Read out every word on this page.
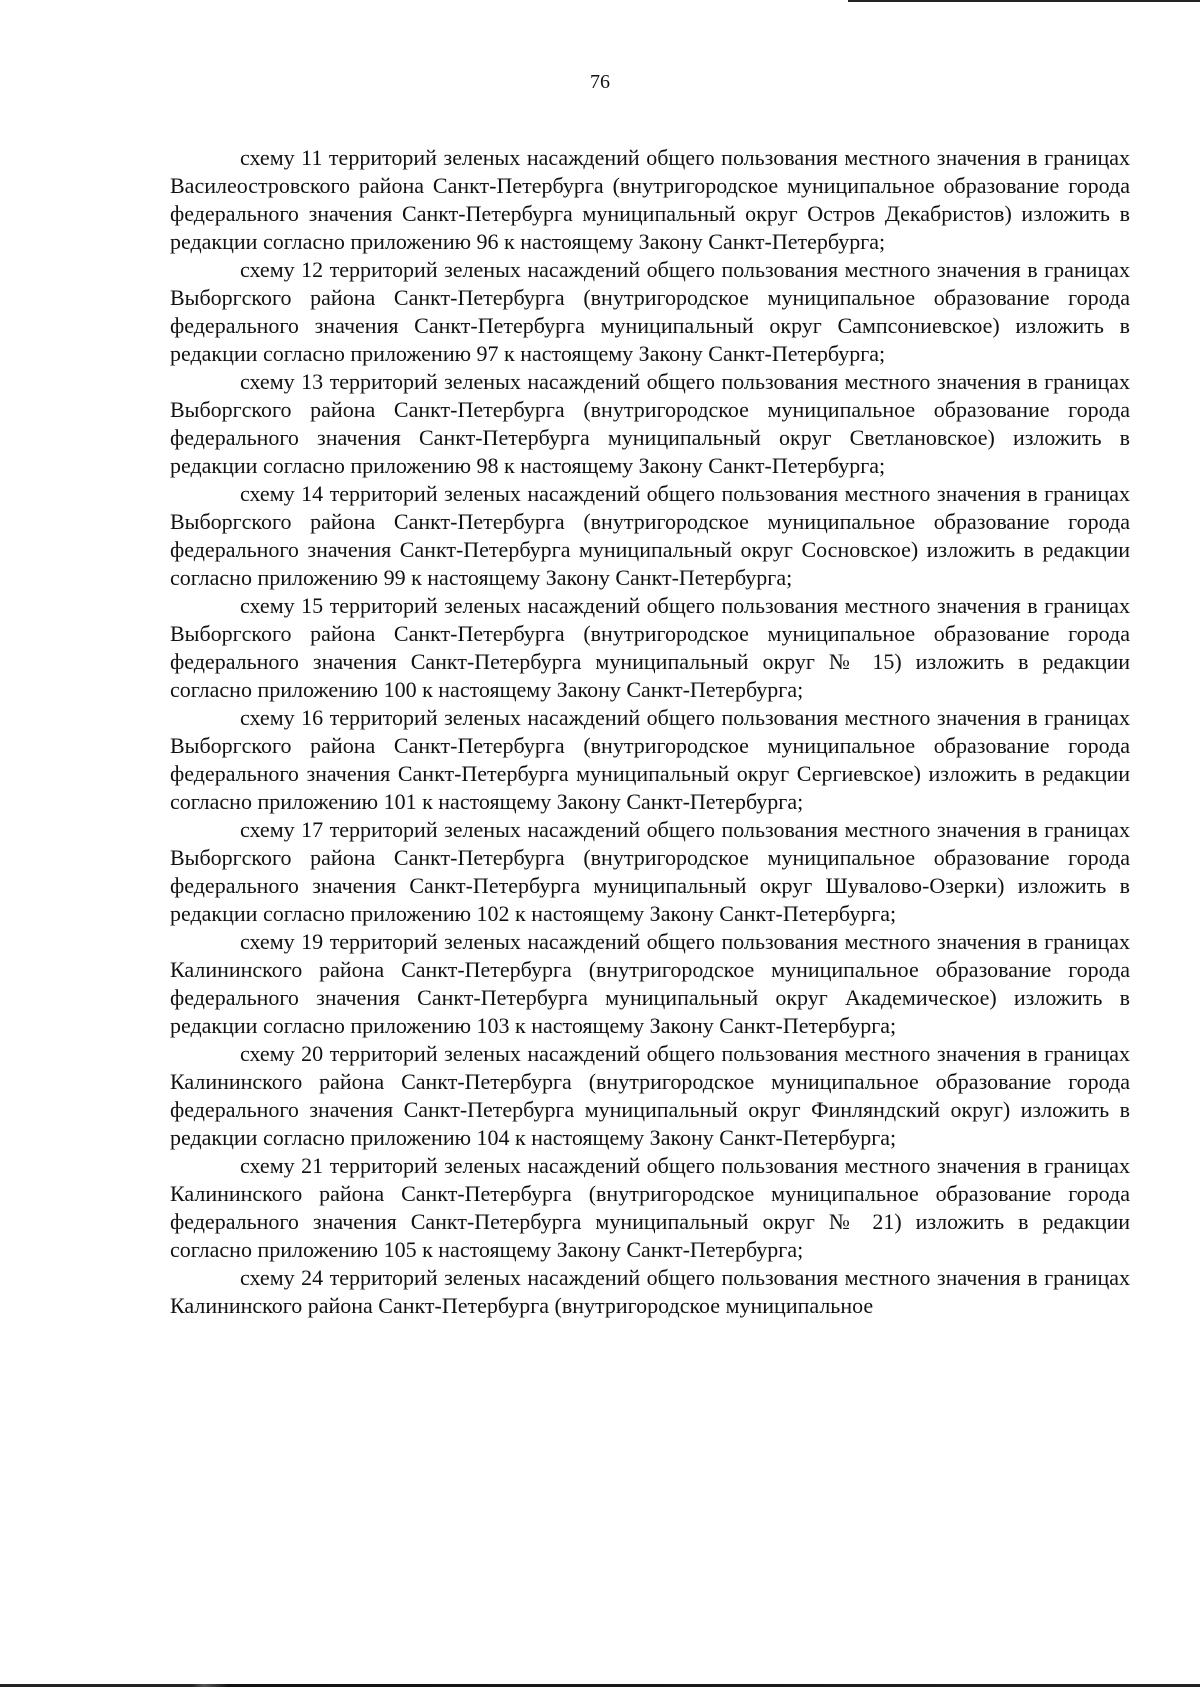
76

схему 11 территорий зеленых насаждений общего пользования местного значения в границах Василеостровского района Санкт-Петербурга (внутригородское муниципальное образование города федерального значения Санкт-Петербурга муниципальный округ Остров Декабристов) изложить в редакции согласно приложению 96 к настоящему Закону Санкт-Петербурга;

схему 12 территорий зеленых насаждений общего пользования местного значения в границах Выборгского района Санкт-Петербурга (внутригородское муниципальное образование города федерального значения Санкт-Петербурга муниципальный округ Сампсониевское) изложить в редакции согласно приложению 97 к настоящему Закону Санкт-Петербурга;

схему 13 территорий зеленых насаждений общего пользования местного значения в границах Выборгского района Санкт-Петербурга (внутригородское муниципальное образование города федерального значения Санкт-Петербурга муниципальный округ Светлановское) изложить в редакции согласно приложению 98 к настоящему Закону Санкт-Петербурга;

схему 14 территорий зеленых насаждений общего пользования местного значения в границах Выборгского района Санкт-Петербурга (внутригородское муниципальное образование города федерального значения Санкт-Петербурга муниципальный округ Сосновское) изложить в редакции согласно приложению 99 к настоящему Закону Санкт-Петербурга;

схему 15 территорий зеленых насаждений общего пользования местного значения в границах Выборгского района Санкт-Петербурга (внутригородское муниципальное образование города федерального значения Санкт-Петербурга муниципальный округ № 15) изложить в редакции согласно приложению 100 к настоящему Закону Санкт-Петербурга;

схему 16 территорий зеленых насаждений общего пользования местного значения в границах Выборгского района Санкт-Петербурга (внутригородское муниципальное образование города федерального значения Санкт-Петербурга муниципальный округ Сергиевское) изложить в редакции согласно приложению 101 к настоящему Закону Санкт-Петербурга;

схему 17 территорий зеленых насаждений общего пользования местного значения в границах Выборгского района Санкт-Петербурга (внутригородское муниципальное образование города федерального значения Санкт-Петербурга муниципальный округ Шувалово-Озерки) изложить в редакции согласно приложению 102 к настоящему Закону Санкт-Петербурга;

схему 19 территорий зеленых насаждений общего пользования местного значения в границах Калининского района Санкт-Петербурга (внутригородское муниципальное образование города федерального значения Санкт-Петербурга муниципальный округ Академическое) изложить в редакции согласно приложению 103 к настоящему Закону Санкт-Петербурга;

схему 20 территорий зеленых насаждений общего пользования местного значения в границах Калининского района Санкт-Петербурга (внутригородское муниципальное образование города федерального значения Санкт-Петербурга муниципальный округ Финляндский округ) изложить в редакции согласно приложению 104 к настоящему Закону Санкт-Петербурга;

схему 21 территорий зеленых насаждений общего пользования местного значения в границах Калининского района Санкт-Петербурга (внутригородское муниципальное образование города федерального значения Санкт-Петербурга муниципальный округ № 21) изложить в редакции согласно приложению 105 к настоящему Закону Санкт-Петербурга;

схему 24 территорий зеленых насаждений общего пользования местного значения в границах Калининского района Санкт-Петербурга (внутригородское муниципальное
